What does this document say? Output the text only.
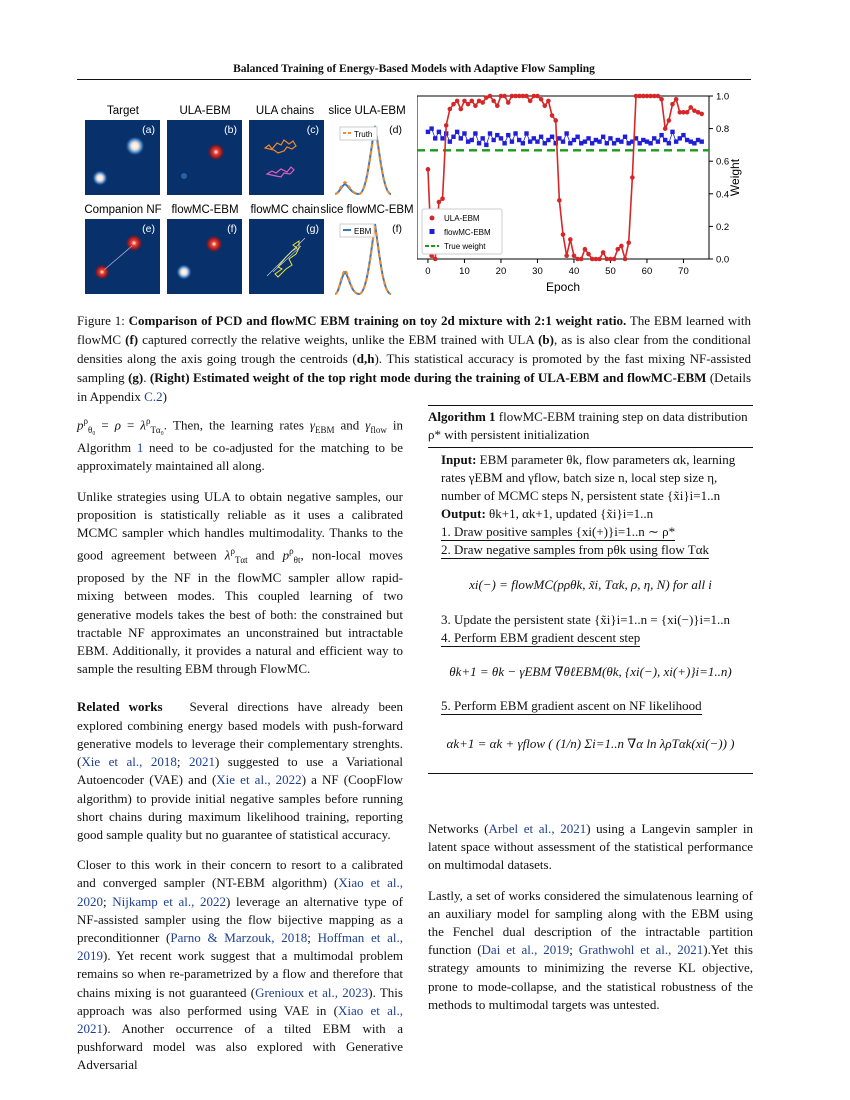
Balanced Training of Energy-Based Models with Adaptive Flow Sampling
Target	ULA-EBM ULA chains slice ULA-EBM
Companion NF flowMC-EBM flowMC chain slice flowMC-EBM
(a)	(b)	(c)	Truth (d)
(e)	(f)	(g)	EBM (f)
0	10	20	30	40	50	60	70
0.0
0.2
0.4
0.6
0.8
1.0
Epoch
Weight
ULA-EBM
flowMC-EBM
True weight
Figure 1: Comparison of PCD and flowMC EBM training on toy 2d mixture with 2:1 weight ratio. The EBM learned with flowMC (f) captured correctly the relative weights, unlike the EBM trained with ULA (b), as is also clear from the conditional densities along the axis going trough the centroids (d,h). This statistical accuracy is promoted by the fast mixing NF-assisted sampling (g). (Right) Estimated weight of the top right mode during the training of ULA-EBM and flowMC-EBM (Details in Appendix C.2)

$p^\rho_{\theta_0} = \rho = \lambda^\rho_{T\alpha_0}$. Then, the learning rates $\gamma_{EBM}$ and $\gamma_{flow}$ in Algorithm 1 need to be co-adjusted for the matching to be approximately maintained all along.

Unlike strategies using ULA to obtain negative samples, our proposition is statistically reliable as it uses a calibrated MCMC sampler which handles multimodality. Thanks to the good agreement between $\lambda^\rho_{T\alpha t}$ and $p^\rho_{\theta t}$, non-local moves proposed by the NF in the flowMC sampler allow rapid-mixing between modes. This coupled learning of two generative models takes the best of both: the constrained but tractable NF approximates an unconstrained but intractable EBM. Additionally, it provides a natural and efficient way to sample the resulting EBM through FlowMC.

Related works Several directions have already been explored combining energy based models with push-forward generative models to leverage their complementary strenghts. (Xie et al., 2018; 2021) suggested to use a Variational Autoencoder (VAE) and (Xie et al., 2022) a NF (CoopFlow algorithm) to provide initial negative samples before running short chains during maximum likelihood training, reporting good sample quality but no guarantee of statistical accuracy.

Closer to this work in their concern to resort to a calibrated and converged sampler (NT-EBM algorithm) (Xiao et al., 2020; Nijkamp et al., 2022) leverage an alternative type of NF-assisted sampler using the flow bijective mapping as a preconditionner (Parno & Marzouk, 2018; Hoffman et al., 2019). Yet recent work suggest that a multimodal problem remains so when re-parametrized by a flow and therefore that chains mixing is not guaranteed (Grenioux et al., 2023). This approach was also performed using VAE in (Xiao et al., 2021). Another occurrence of a tilted EBM with a pushforward model was also explored with Generative Adversarial

Algorithm 1 flowMC-EBM training step on data distribution ρ* with persistent initialization
Input: EBM parameter θk, flow parameters αk, learning rates γEBM and γflow, batch size n, local step size η, number of MCMC steps N, persistent state {x̃i}i=1..n
Output: θk+1, αk+1, updated {x̃i}i=1..n
1. Draw positive samples {xi(+)}i=1..n ∼ ρ*
2. Draw negative samples from pθk using flow Tαk
xi(−) = flowMC(pρθk, x̃i, Tαk, ρ, η, N) for all i
3. Update the persistent state {x̃i}i=1..n = {xi(−)}i=1..n
4. Perform EBM gradient descent step
θk+1 = θk − γEBM ∇θℓEBM(θk, {xi(−), xi(+)}i=1..n)
5. Perform EBM gradient ascent on NF likelihood
αk+1 = αk + γflow ( (1/n) Σi=1..n ∇α ln λρTαk(xi(−)) )

Networks (Arbel et al., 2021) using a Langevin sampler in latent space without assessment of the statistical performance on multimodal datasets.

Lastly, a set of works considered the simulatenous learning of an auxiliary model for sampling along with the EBM using the Fenchel dual description of the intractable partition function (Dai et al., 2019; Grathwohl et al., 2021).Yet this strategy amounts to minimizing the reverse KL objective, prone to mode-collapse, and the statistical robustness of the methods to multimodal targets was untested.
